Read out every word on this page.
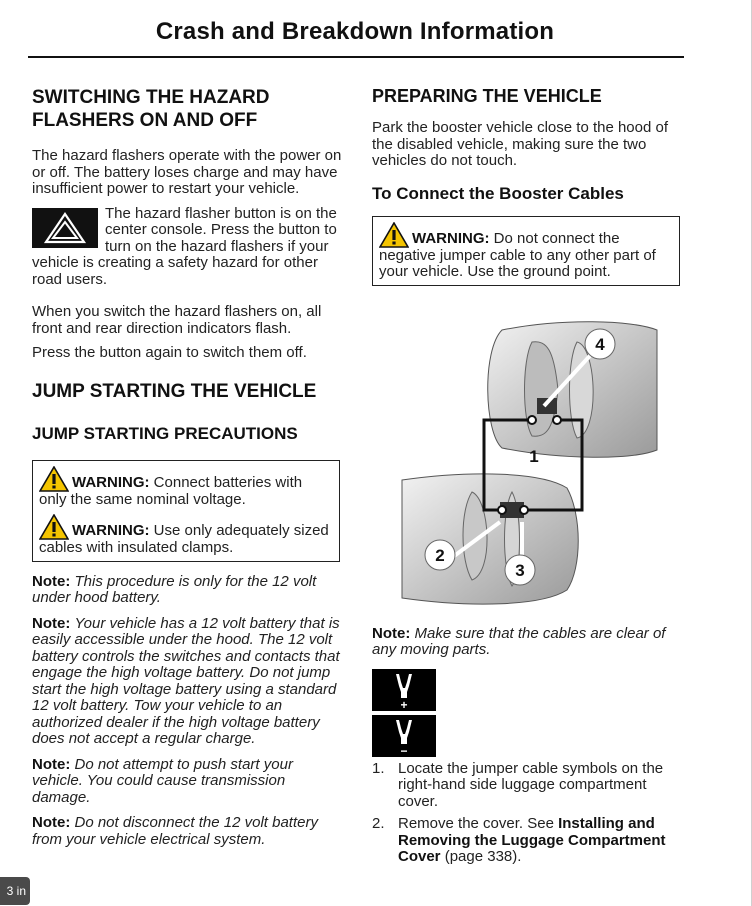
Crash and Breakdown Information
SWITCHING THE HAZARD FLASHERS ON AND OFF

The hazard flashers operate with the power on or off. The battery loses charge and may have insufficient power to restart your vehicle.

The hazard flasher button is on the center console. Press the button to turn on the hazard flashers if your vehicle is creating a safety hazard for other road users.

When you switch the hazard flashers on, all front and rear direction indicators flash.

Press the button again to switch them off.

JUMP STARTING THE VEHICLE
JUMP STARTING PRECAUTIONS
WARNING: Connect batteries with only the same nominal voltage.
WARNING: Use only adequately sized cables with insulated clamps.

Note: This procedure is only for the 12 volt under hood battery.

Note: Your vehicle has a 12 volt battery that is easily accessible under the hood. The 12 volt battery controls the switches and contacts that engage the high voltage battery. Do not jump start the high voltage battery using a standard 12 volt battery. Tow your vehicle to an authorized dealer if the high voltage battery does not accept a regular charge.

Note: Do not attempt to push start your vehicle. You could cause transmission damage.

Note: Do not disconnect the 12 volt battery from your vehicle electrical system.

PREPARING THE VEHICLE

Park the booster vehicle close to the hood of the disabled vehicle, making sure the two vehicles do not touch.

To Connect the Booster Cables
WARNING: Do not connect the negative jumper cable to any other part of your vehicle. Use the ground point.
4
1
2
3

Note: Make sure that the cables are clear of any moving parts.

+
−
1. Locate the jumper cable symbols on the right-hand side luggage compartment cover.
2. Remove the cover. See Installing and Removing the Luggage Compartment Cover (page 338).
3 in
